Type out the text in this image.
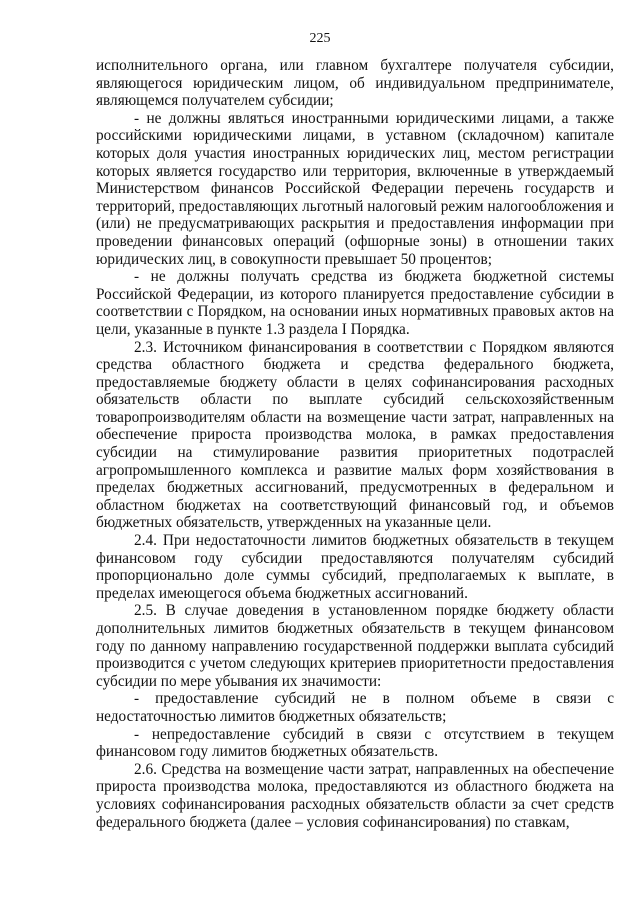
225

исполнительного органа, или главном бухгалтере получателя субсидии, являющегося юридическим лицом, об индивидуальном предпринимателе, являющемся получателем субсидии;

- не должны являться иностранными юридическими лицами, а также российскими юридическими лицами, в уставном (складочном) капитале которых доля участия иностранных юридических лиц, местом регистрации которых является государство или территория, включенные в утверждаемый Министерством финансов Российской Федерации перечень государств и территорий, предоставляющих льготный налоговый режим налогообложения и (или) не предусматривающих раскрытия и предоставления информации при проведении финансовых операций (офшорные зоны) в отношении таких юридических лиц, в совокупности превышает 50 процентов;

- не должны получать средства из бюджета бюджетной системы Российской Федерации, из которого планируется предоставление субсидии в соответствии с Порядком, на основании иных нормативных правовых актов на цели, указанные в пункте 1.3 раздела I Порядка.

2.3. Источником финансирования в соответствии с Порядком являются средства областного бюджета и средства федерального бюджета, предоставляемые бюджету области в целях софинансирования расходных обязательств области по выплате субсидий сельскохозяйственным товаропроизводителям области на возмещение части затрат, направленных на обеспечение прироста производства молока, в рамках предоставления субсидии на стимулирование развития приоритетных подотраслей агропромышленного комплекса и развитие малых форм хозяйствования в пределах бюджетных ассигнований, предусмотренных в федеральном и областном бюджетах на соответствующий финансовый год, и объемов бюджетных обязательств, утвержденных на указанные цели.

2.4. При недостаточности лимитов бюджетных обязательств в текущем финансовом году субсидии предоставляются получателям субсидий пропорционально доле суммы субсидий, предполагаемых к выплате, в пределах имеющегося объема бюджетных ассигнований.

2.5. В случае доведения в установленном порядке бюджету области дополнительных лимитов бюджетных обязательств в текущем финансовом году по данному направлению государственной поддержки выплата субсидий производится с учетом следующих критериев приоритетности предоставления субсидии по мере убывания их значимости:

- предоставление субсидий не в полном объеме в связи с недостаточностью лимитов бюджетных обязательств;

- непредоставление субсидий в связи с отсутствием в текущем финансовом году лимитов бюджетных обязательств.

2.6. Средства на возмещение части затрат, направленных на обеспечение прироста производства молока, предоставляются из областного бюджета на условиях софинансирования расходных обязательств области за счет средств федерального бюджета (далее – условия софинансирования) по ставкам,
